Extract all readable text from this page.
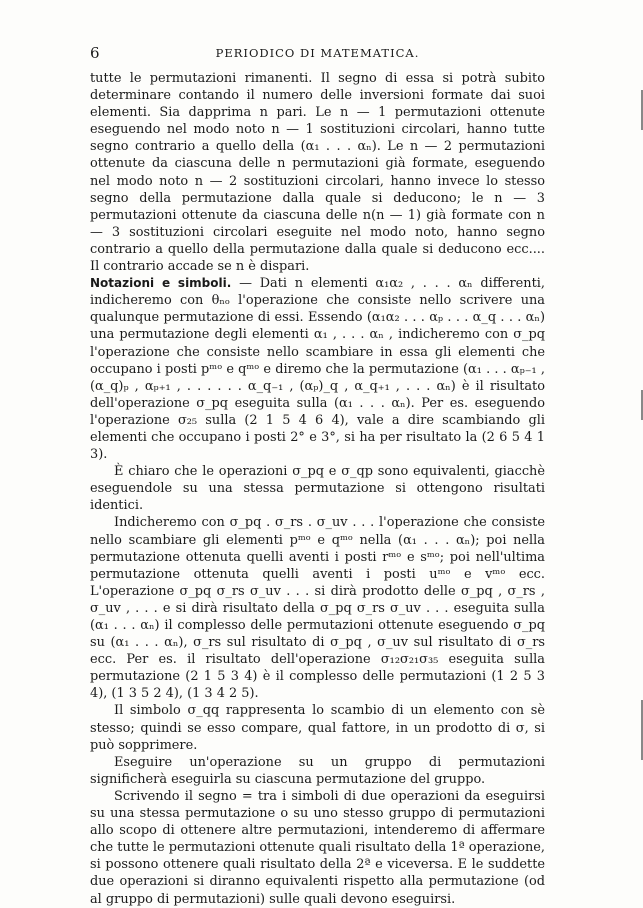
6	PERIODICO DI MATEMATICA.

tutte le permutazioni rimanenti. Il segno di essa si potrà subito determinare contando il numero delle inversioni formate dai suoi elementi. Sia dapprima n pari. Le n — 1 permutazioni ottenute eseguendo nel modo noto n — 1 sostituzioni circolari, hanno tutte segno contrario a quello della (α₁ . . . αₙ). Le n — 2 permutazioni ottenute da ciascuna delle n permutazioni già formate, eseguendo nel modo noto n — 2 sostituzioni circolari, hanno invece lo stesso segno della permutazione dalla quale si deducono; le n — 3 permutazioni ottenute da ciascuna delle n(n — 1) già formate con n — 3 sostituzioni circolari eseguite nel modo noto, hanno segno contrario a quello della permutazione dalla quale si deducono ecc.... Il contrario accade se n è dispari.

Notazioni e simboli. — Dati n elementi α₁α₂ , . . . αₙ differenti, indicheremo con θₙₒ l'operazione che consiste nello scrivere una qualunque permutazione di essi. Essendo (α₁α₂ . . . αₚ . . . α_q . . . αₙ) una permutazione degli elementi α₁ , . . . αₙ , indicheremo con σ_pq l'operazione che consiste nello scambiare in essa gli elementi che occupano i posti pᵐᵒ e qᵐᵒ e diremo che la permutazione (α₁ . . . αₚ₋₁ , (α_q)ₚ , αₚ₊₁ , . . . . . . α_q₋₁ , (αₚ)_q , α_q₊₁ , . . . αₙ) è il risultato dell'operazione σ_pq eseguita sulla (α₁ . . . αₙ). Per es. eseguendo l'operazione σ₂₅ sulla (2 1 5 4 6 4), vale a dire scambiando gli elementi che occupano i posti 2° e 3°, si ha per risultato la (2 6 5 4 1 3).

È chiaro che le operazioni σ_pq e σ_qp sono equivalenti, giacchè eseguendole su una stessa permutazione si ottengono risultati identici.

Indicheremo con σ_pq . σ_rs . σ_uv . . . l'operazione che consiste nello scambiare gli elementi pᵐᵒ e qᵐᵒ nella (α₁ . . . αₙ); poi nella permutazione ottenuta quelli aventi i posti rᵐᵒ e sᵐᵒ; poi nell'ultima permutazione ottenuta quelli aventi i posti uᵐᵒ e vᵐᵒ ecc. L'operazione σ_pq σ_rs σ_uv . . . si dirà prodotto delle σ_pq , σ_rs , σ_uv , . . . e si dirà risultato della σ_pq σ_rs σ_uv . . . eseguita sulla (α₁ . . . αₙ) il complesso delle permutazioni ottenute eseguendo σ_pq su (α₁ . . . αₙ), σ_rs sul risultato di σ_pq , σ_uv sul risultato di σ_rs ecc. Per es. il risultato dell'operazione σ₁₂σ₂₁σ₃₅ eseguita sulla permutazione (2 1 5 3 4) è il complesso delle permutazioni (1 2 5 3 4), (1 3 5 2 4), (1 3 4 2 5).

Il simbolo σ_qq rappresenta lo scambio di un elemento con sè stesso; quindi se esso compare, qual fattore, in un prodotto di σ, si può sopprimere.

Eseguire un'operazione su un gruppo di permutazioni significherà eseguirla su ciascuna permutazione del gruppo.

Scrivendo il segno = tra i simboli di due operazioni da eseguirsi su una stessa permutazione o su uno stesso gruppo di permutazioni allo scopo di ottenere altre permutazioni, intenderemo di affermare che tutte le permutazioni ottenute quali risultato della 1ª operazione, si possono ottenere quali risultato della 2ª e viceversa. E le suddette due operazioni si diranno equivalenti rispetto alla permutazione (od al gruppo di permutazioni) sulle quali devono eseguirsi.
